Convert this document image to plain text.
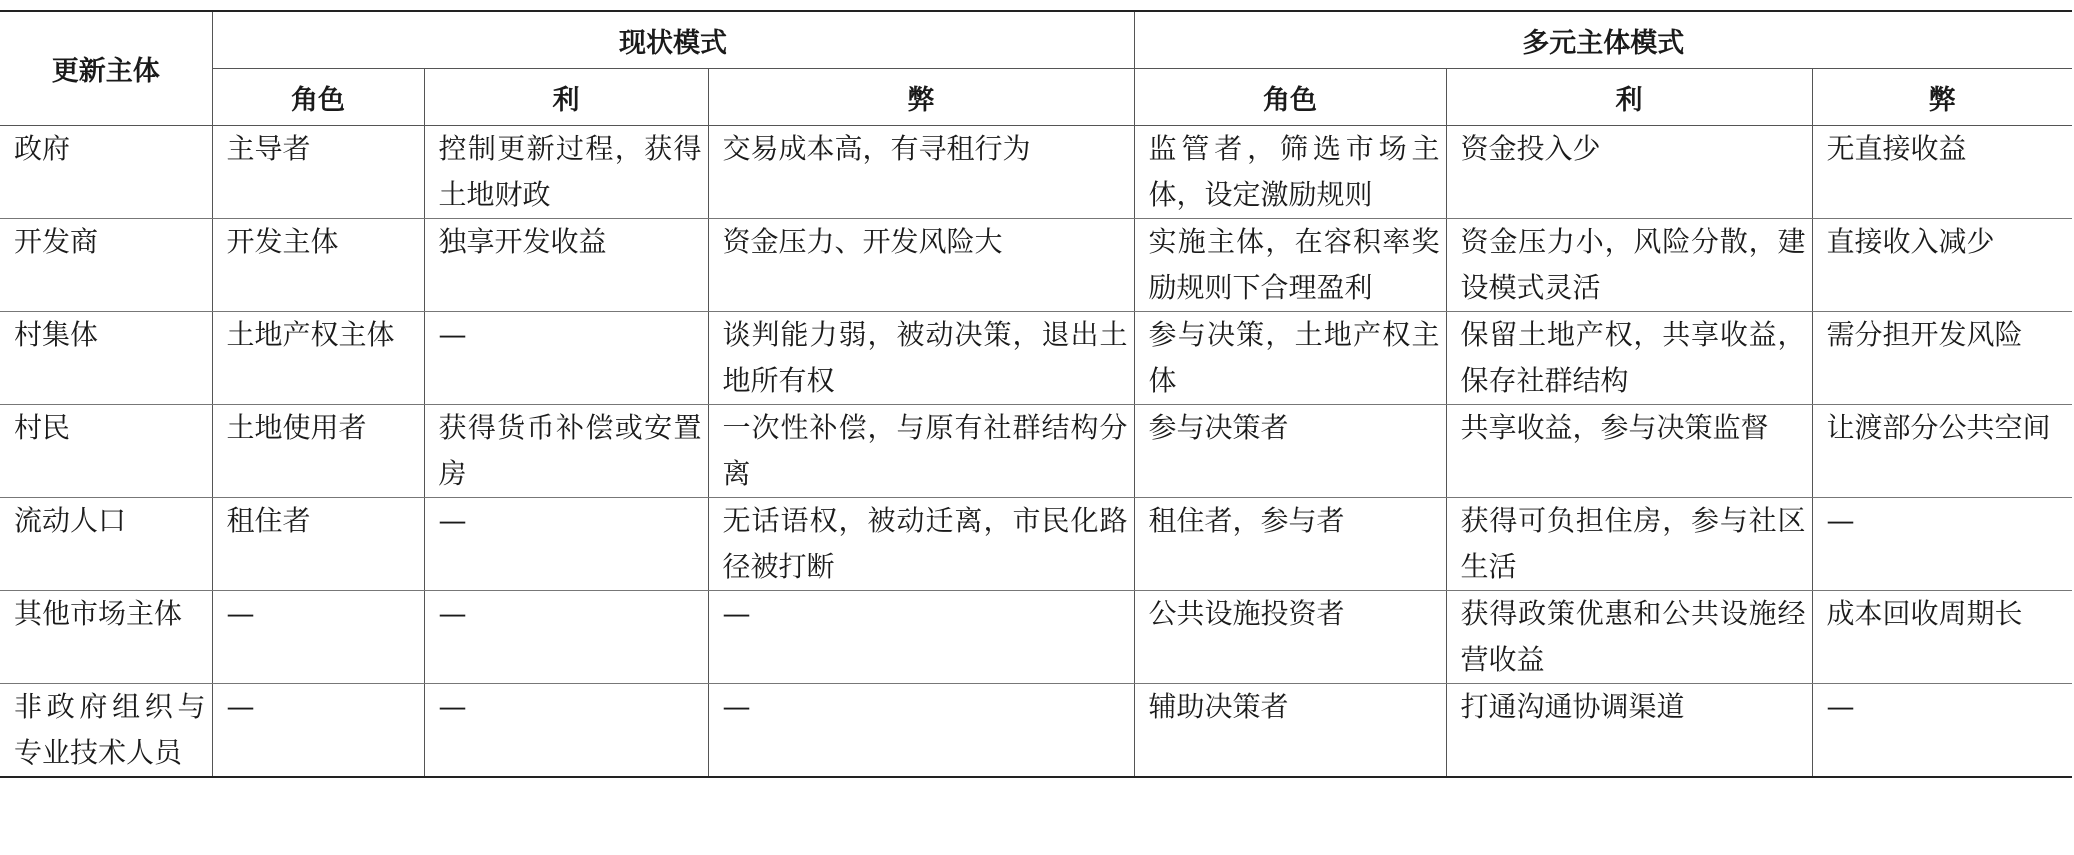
更新主体	现状模式			多元主体模式		
	角色	利	弊	角色	利	弊
政府	主导者	控制更新过程，获得土地财政	交易成本高，有寻租行为	监管者，筛选市场主体，设定激励规则	资金投入少	无直接收益
开发商	开发主体	独享开发收益	资金压力、开发风险大	实施主体，在容积率奖励规则下合理盈利	资金压力小，风险分散，建设模式灵活	直接收入减少
村集体	土地产权主体	—	谈判能力弱，被动决策，退出土地所有权	参与决策，土地产权主体	保留土地产权，共享收益，保存社群结构	需分担开发风险
村民	土地使用者	获得货币补偿或安置房	一次性补偿，与原有社群结构分离	参与决策者	共享收益，参与决策监督	让渡部分公共空间
流动人口	租住者	—	无话语权，被动迁离，市民化路径被打断	租住者，参与者	获得可负担住房，参与社区生活	—
其他市场主体	—	—	—	公共设施投资者	获得政策优惠和公共设施经营收益	成本回收周期长
非政府组织与专业技术人员	—	—	—	辅助决策者	打通沟通协调渠道	—
